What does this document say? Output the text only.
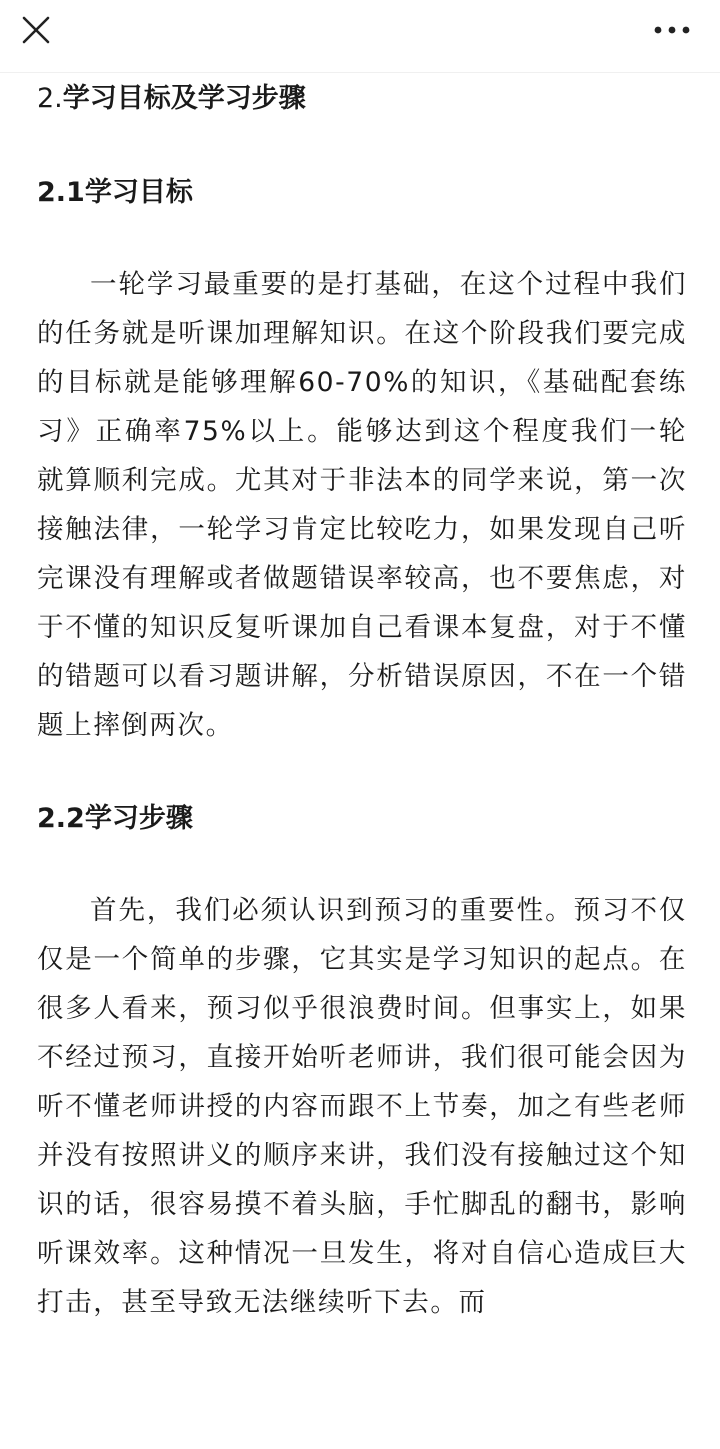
2.学习目标及学习步骤
2.1学习目标

一轮学习最重要的是打基础，在这个过程中我们的任务就是听课加理解知识。在这个阶段我们要完成的目标就是能够理解60-70%的知识，《基础配套练习》正确率75%以上。能够达到这个程度我们一轮就算顺利完成。尤其对于非法本的同学来说，第一次接触法律，一轮学习肯定比较吃力，如果发现自己听完课没有理解或者做题错误率较高，也不要焦虑，对于不懂的知识反复听课加自己看课本复盘，对于不懂的错题可以看习题讲解，分析错误原因，不在一个错题上摔倒两次。

2.2学习步骤

首先，我们必须认识到预习的重要性。预习不仅仅是一个简单的步骤，它其实是学习知识的起点。在很多人看来，预习似乎很浪费时间。但事实上，如果不经过预习，直接开始听老师讲，我们很可能会因为听不懂老师讲授的内容而跟不上节奏，加之有些老师并没有按照讲义的顺序来讲，我们没有接触过这个知识的话，很容易摸不着头脑，手忙脚乱的翻书，影响听课效率。这种情况一旦发生，将对自信心造成巨大打击，甚至导致无法继续听下去。而
